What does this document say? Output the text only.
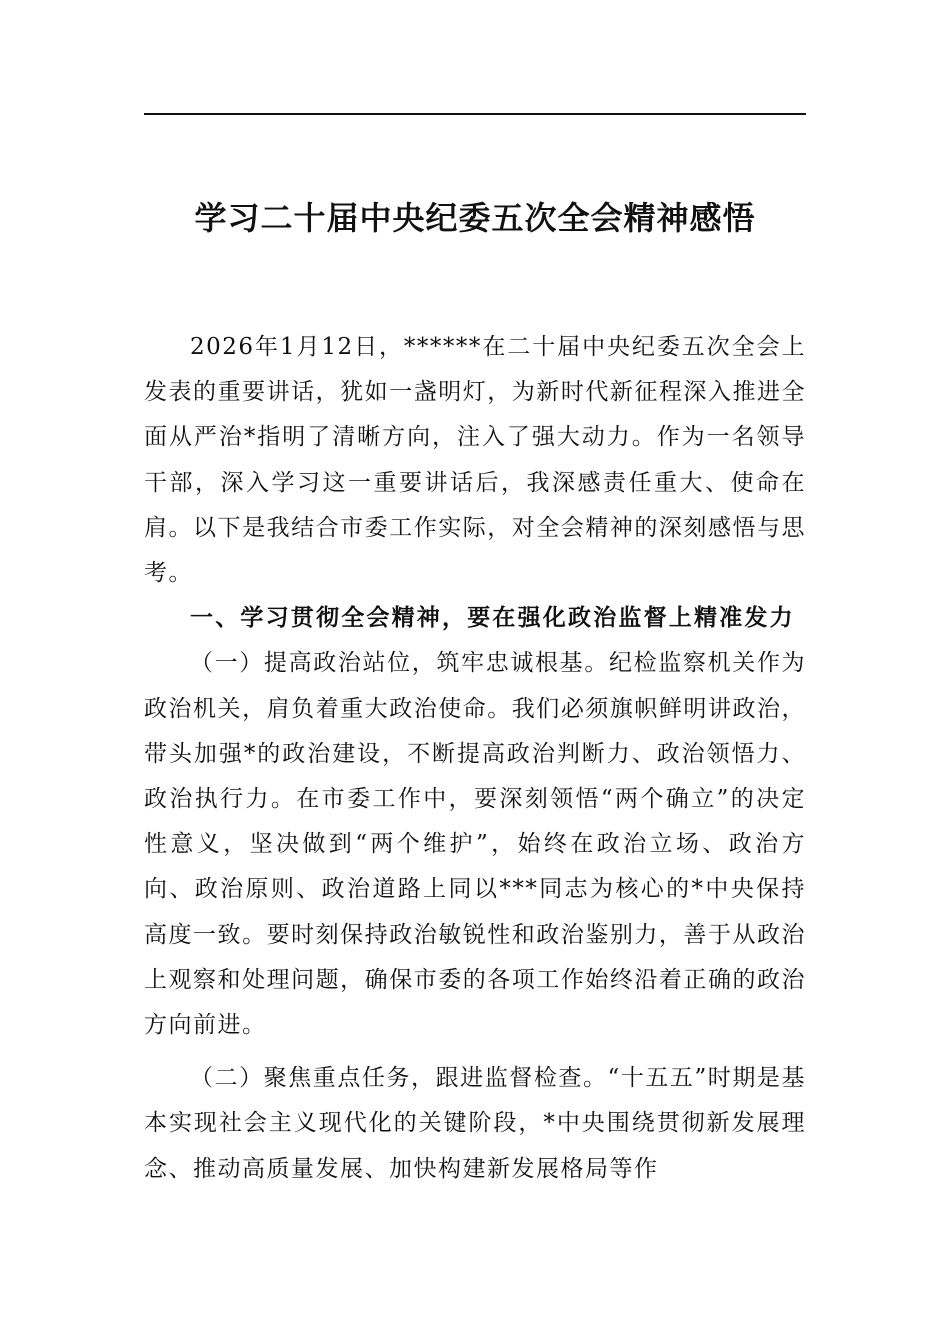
学习二十届中央纪委五次全会精神感悟

2026年1月12日，******在二十届中央纪委五次全会上发表的重要讲话，犹如一盏明灯，为新时代新征程深入推进全面从严治*指明了清晰方向，注入了强大动力。作为一名领导干部，深入学习这一重要讲话后，我深感责任重大、使命在肩。以下是我结合市委工作实际，对全会精神的深刻感悟与思考。

一、学习贯彻全会精神，要在强化政治监督上精准发力

（一）提高政治站位，筑牢忠诚根基。纪检监察机关作为政治机关，肩负着重大政治使命。我们必须旗帜鲜明讲政治，带头加强*的政治建设，不断提高政治判断力、政治领悟力、政治执行力。在市委工作中，要深刻领悟“两个确立”的决定性意义，坚决做到“两个维护”，始终在政治立场、政治方向、政治原则、政治道路上同以***同志为核心的*中央保持高度一致。要时刻保持政治敏锐性和政治鉴别力，善于从政治上观察和处理问题，确保市委的各项工作始终沿着正确的政治方向前进。

（二）聚焦重点任务，跟进监督检查。“十五五”时期是基本实现社会主义现代化的关键阶段，*中央围绕贯彻新发展理念、推动高质量发展、加快构建新发展格局等作
